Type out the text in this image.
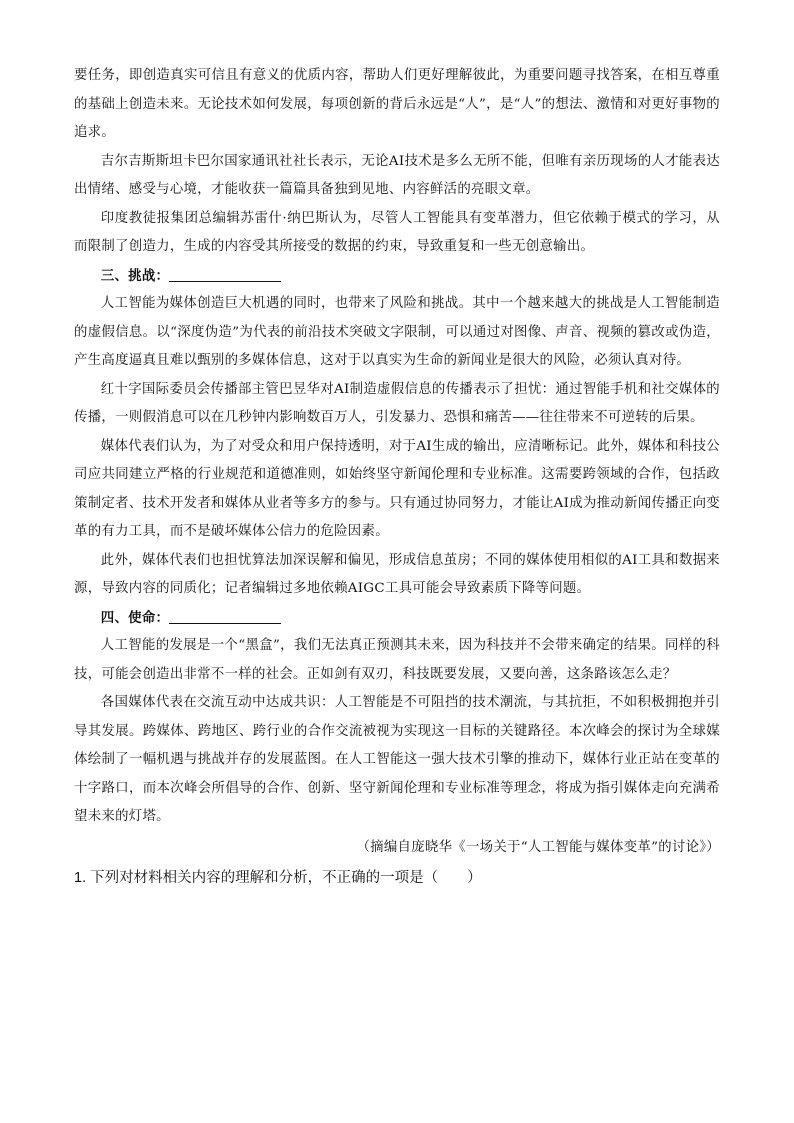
要任务，即创造真实可信且有意义的优质内容，帮助人们更好理解彼此，为重要问题寻找答案，在相互尊重的基础上创造未来。无论技术如何发展，每项创新的背后永远是“人”，是“人”的想法、激情和对更好事物的追求。

吉尔吉斯斯坦卡巴尔国家通讯社社长表示，无论AI技术是多么无所不能，但唯有亲历现场的人才能表达出情绪、感受与心境，才能收获一篇篇具备独到见地、内容鲜活的亮眼文章。

印度教徒报集团总编辑苏雷什·纳巴斯认为，尽管人工智能具有变革潜力，但它依赖于模式的学习，从而限制了创造力，生成的内容受其所接受的数据的约束，导致重复和一些无创意输出。

三、挑战：

人工智能为媒体创造巨大机遇的同时，也带来了风险和挑战。其中一个越来越大的挑战是人工智能制造的虚假信息。以“深度伪造”为代表的前沿技术突破文字限制，可以通过对图像、声音、视频的篡改或伪造，产生高度逼真且难以甄别的多媒体信息，这对于以真实为生命的新闻业是很大的风险，必须认真对待。

红十字国际委员会传播部主管巴昱华对AI制造虚假信息的传播表示了担忧：通过智能手机和社交媒体的传播，一则假消息可以在几秒钟内影响数百万人，引发暴力、恐惧和痛苦——往往带来不可逆转的后果。

媒体代表们认为，为了对受众和用户保持透明，对于AI生成的输出，应清晰标记。此外，媒体和科技公司应共同建立严格的行业规范和道德准则，如始终坚守新闻伦理和专业标准。这需要跨领域的合作，包括政策制定者、技术开发者和媒体从业者等多方的参与。只有通过协同努力，才能让AI成为推动新闻传播正向变革的有力工具，而不是破坏媒体公信力的危险因素。

此外，媒体代表们也担忧算法加深误解和偏见，形成信息茧房；不同的媒体使用相似的AI工具和数据来源，导致内容的同质化；记者编辑过多地依赖AIGC工具可能会导致素质下降等问题。

四、使命：

人工智能的发展是一个“黑盒”，我们无法真正预测其未来，因为科技并不会带来确定的结果。同样的科技，可能会创造出非常不一样的社会。正如剑有双刃，科技既要发展，又要向善，这条路该怎么走？

各国媒体代表在交流互动中达成共识：人工智能是不可阻挡的技术潮流，与其抗拒，不如积极拥抱并引导其发展。跨媒体、跨地区、跨行业的合作交流被视为实现这一目标的关键路径。本次峰会的探讨为全球媒体绘制了一幅机遇与挑战并存的发展蓝图。在人工智能这一强大技术引擎的推动下，媒体行业正站在变革的十字路口，而本次峰会所倡导的合作、创新、坚守新闻伦理和专业标准等理念，将成为指引媒体走向充满希望未来的灯塔。

（摘编自庞晓华《一场关于“人工智能与媒体变革”的讨论》）

1. 下列对材料相关内容的理解和分析，不正确的一项是（　　）
